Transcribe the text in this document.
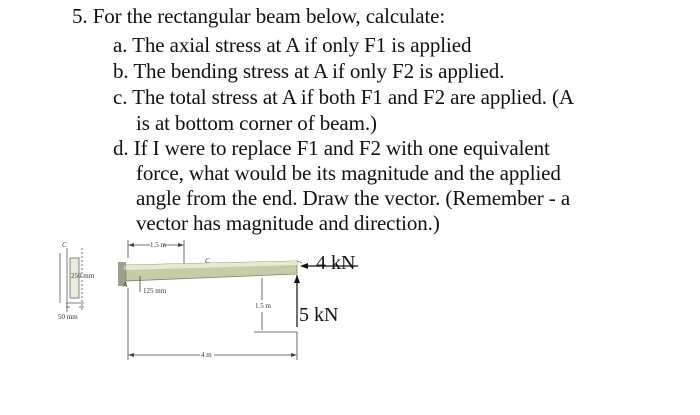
5. For the rectangular beam below, calculate:
a. The axial stress at A if only F1 is applied
b. The bending stress at A if only F2 is applied.
c. The total stress at A if both F1 and F2 are applied. (A
is at bottom corner of beam.)
d. If I were to replace F1 and F2 with one equivalent
force, what would be its magnitude and the applied
angle from the end. Draw the vector. (Remember - a
vector has magnitude and direction.)
C
250 mm
50 mm
1.5 m
C
A
125 mm
1.5 m
4 m
4 kN
5 kN
